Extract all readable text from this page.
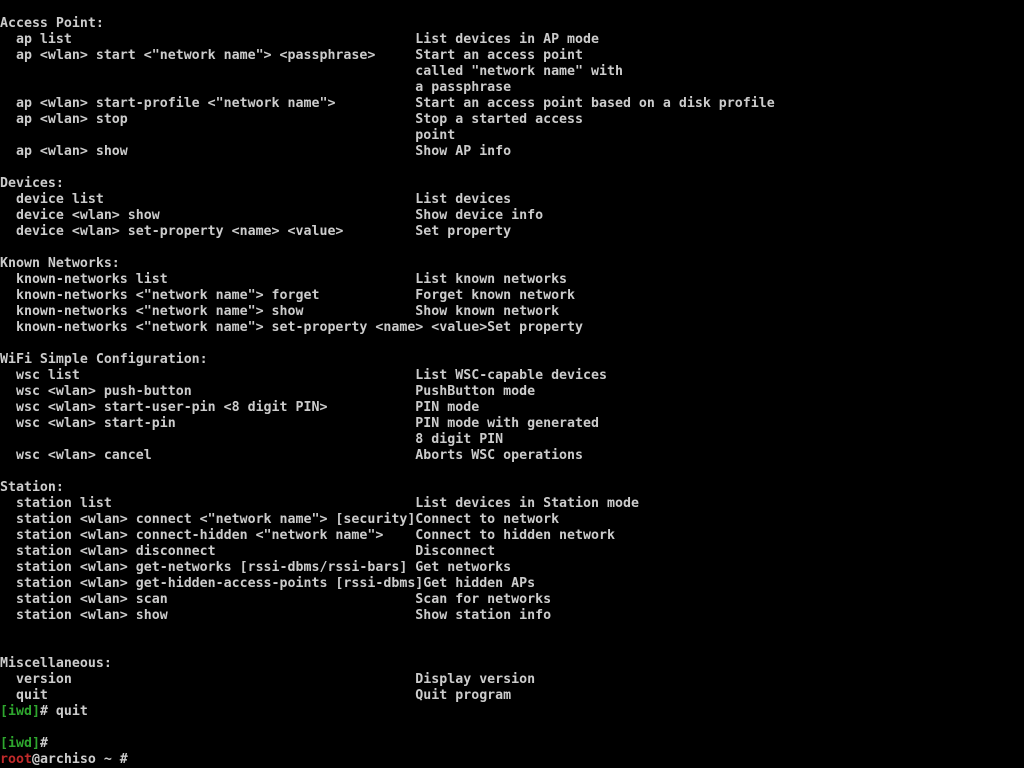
Access Point:
ap list                                           List devices in AP mode
ap <wlan> start <"network name"> <passphrase>     Start an access point
called "network name" with
a passphrase
ap <wlan> start-profile <"network name">          Start an access point based on a disk profile
ap <wlan> stop                                    Stop a started access
point
ap <wlan> show                                    Show AP info
Devices:
device list                                       List devices
device <wlan> show                                Show device info
device <wlan> set-property <name> <value>         Set property
Known Networks:
known-networks list                               List known networks
known-networks <"network name"> forget            Forget known network
known-networks <"network name"> show              Show known network
known-networks <"network name"> set-property <name> <value>Set property
WiFi Simple Configuration:
wsc list                                          List WSC-capable devices
wsc <wlan> push-button                            PushButton mode
wsc <wlan> start-user-pin <8 digit PIN>           PIN mode
wsc <wlan> start-pin                              PIN mode with generated
8 digit PIN
wsc <wlan> cancel                                 Aborts WSC operations
Station:
station list                                      List devices in Station mode
station <wlan> connect <"network name"> [security]Connect to network
station <wlan> connect-hidden <"network name">    Connect to hidden network
station <wlan> disconnect                         Disconnect
station <wlan> get-networks [rssi-dbms/rssi-bars] Get networks
station <wlan> get-hidden-access-points [rssi-dbms]Get hidden APs
station <wlan> scan                               Scan for networks
station <wlan> show                               Show station info
Miscellaneous:
version                                           Display version
quit                                              Quit program
[iwd]# quit
[iwd]#
root@archiso ~ #
